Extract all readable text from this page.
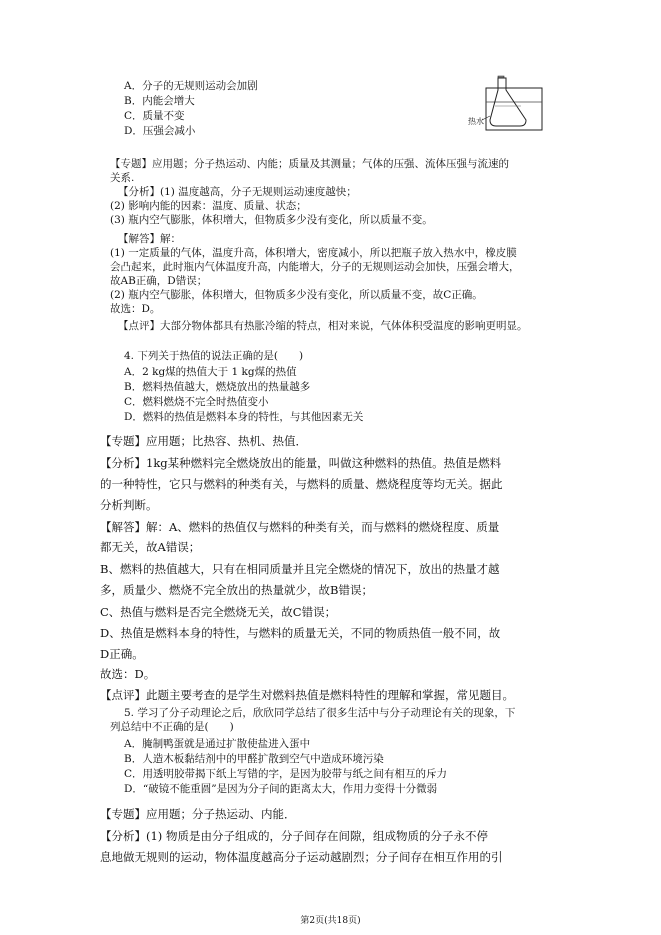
A．分子的无规则运动会加剧
B．内能会增大
C．质量不变
D．压强会减小
热水
【专题】应用题；分子热运动、内能；质量及其测量；气体的压强、流体压强与流速的
关系.
【分析】(1) 温度越高，分子无规则运动速度越快；
(2) 影响内能的因素：温度、质量、状态；
(3) 瓶内空气膨胀，体积增大，但物质多少没有变化，所以质量不变。
【解答】解：
(1) 一定质量的气体，温度升高，体积增大，密度减小，所以把瓶子放入热水中，橡皮膜
会凸起来，此时瓶内气体温度升高，内能增大，分子的无规则运动会加快，压强会增大，
故AB正确，D错误；
(2) 瓶内空气膨胀，体积增大，但物质多少没有变化，所以质量不变，故C正确。
故选：D。
【点评】大部分物体都具有热胀冷缩的特点，相对来说，气体体积受温度的影响更明显。
4. 下列关于热值的说法正确的是(　　)
A．2 kg煤的热值大于 1 kg煤的热值
B．燃料热值越大，燃烧放出的热量越多
C．燃料燃烧不完全时热值变小
D．燃料的热值是燃料本身的特性，与其他因素无关
【专题】应用题；比热容、热机、热值．
【分析】1kg某种燃料完全燃烧放出的能量，叫做这种燃料的热值。热值是燃料
的一种特性，它只与燃料的种类有关，与燃料的质量、燃烧程度等均无关。据此
分析判断。
【解答】解：A、燃料的热值仅与燃料的种类有关，而与燃料的燃烧程度、质量
都无关，故A错误；
B、燃料的热值越大，只有在相同质量并且完全燃烧的情况下，放出的热量才越
多，质量少、燃烧不完全放出的热量就少，故B错误；
C、热值与燃料是否完全燃烧无关，故C错误；
D、热值是燃料本身的特性，与燃料的质量无关，不同的物质热值一般不同，故
D正确。
故选：D。
【点评】此题主要考查的是学生对燃料热值是燃料特性的理解和掌握，常见题目。
5. 学习了分子动理论之后，欣欣同学总结了很多生活中与分子动理论有关的现象，下
列总结中不正确的是(　　)
A．腌制鸭蛋就是通过扩散使盐进入蛋中
B．人造木板黏结剂中的甲醛扩散到空气中造成环境污染
C．用透明胶带揭下纸上写错的字，是因为胶带与纸之间有相互的斥力
D．“破镜不能重圆”是因为分子间的距离太大，作用力变得十分微弱
【专题】应用题；分子热运动、内能．
【分析】(1) 物质是由分子组成的，分子间存在间隙，组成物质的分子永不停
息地做无规则的运动，物体温度越高分子运动越剧烈；分子间存在相互作用的引
第2页(共18页)
